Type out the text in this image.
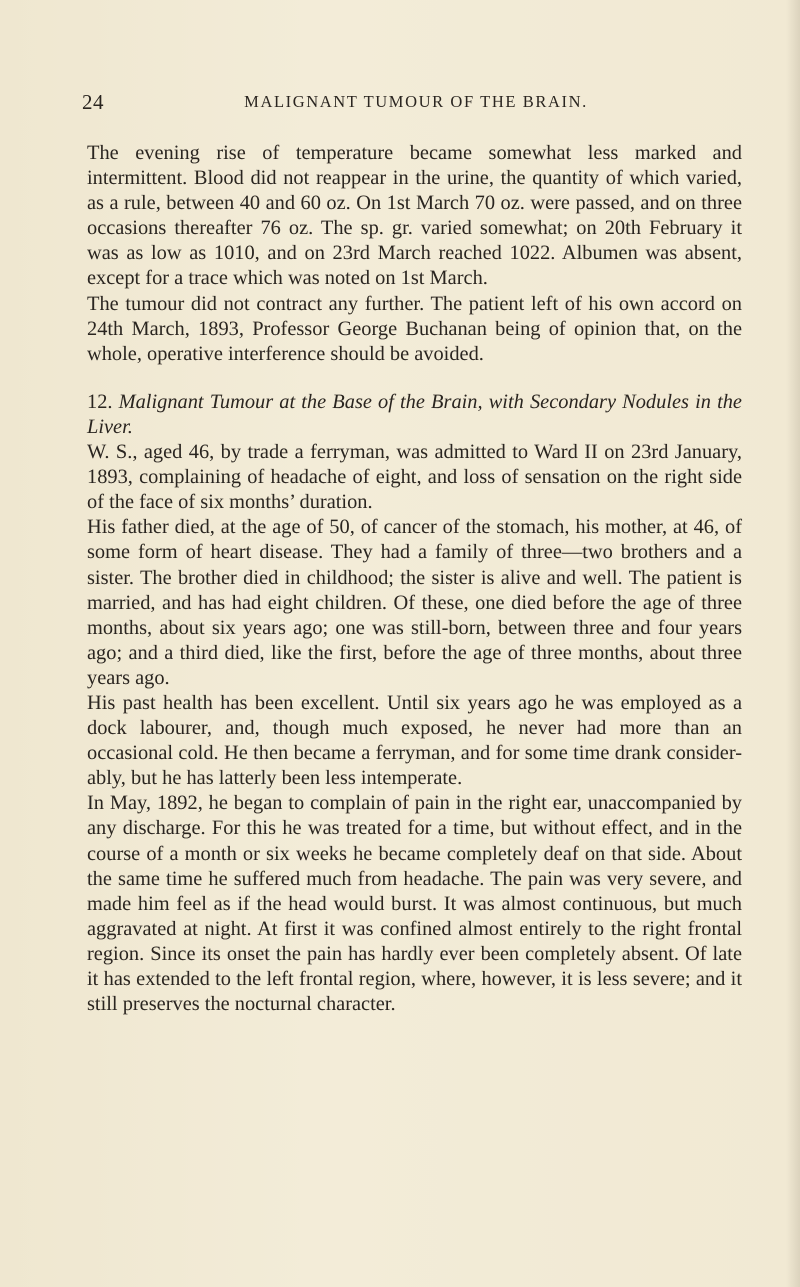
24	MALIGNANT TUMOUR OF THE BRAIN.

The evening rise of temperature became somewhat less marked and intermittent. Blood did not reappear in the urine, the quantity of which varied, as a rule, between 40 and 60 oz. On 1st March 70 oz. were passed, and on three occasions thereafter 76 oz. The sp. gr. varied somewhat; on 20th February it was as low as 1010, and on 23rd March reached 1022. Albumen was absent, except for a trace which was noted on 1st March.

The tumour did not contract any further. The patient left of his own accord on 24th March, 1893, Professor George Buchanan being of opinion that, on the whole, operative interference should be avoided.

12. Malignant Tumour at the Base of the Brain, with Secondary Nodules in the Liver.

W. S., aged 46, by trade a ferryman, was admitted to Ward II on 23rd January, 1893, complaining of headache of eight, and loss of sensation on the right side of the face of six months’ duration.

His father died, at the age of 50, of cancer of the stomach, his mother, at 46, of some form of heart disease. They had a family of three—two brothers and a sister. The brother died in childhood; the sister is alive and well. The patient is married, and has had eight children. Of these, one died before the age of three months, about six years ago; one was still-born, between three and four years ago; and a third died, like the first, before the age of three months, about three years ago.

His past health has been excellent. Until six years ago he was employed as a dock labourer, and, though much exposed, he never had more than an occasional cold. He then became a ferryman, and for some time drank consider-ably, but he has latterly been less intemperate.

In May, 1892, he began to complain of pain in the right ear, unaccompanied by any discharge. For this he was treated for a time, but without effect, and in the course of a month or six weeks he became completely deaf on that side. About the same time he suffered much from headache. The pain was very severe, and made him feel as if the head would burst. It was almost continuous, but much aggravated at night. At first it was confined almost entirely to the right frontal region. Since its onset the pain has hardly ever been completely absent. Of late it has extended to the left frontal region, where, however, it is less severe; and it still preserves the nocturnal character.
